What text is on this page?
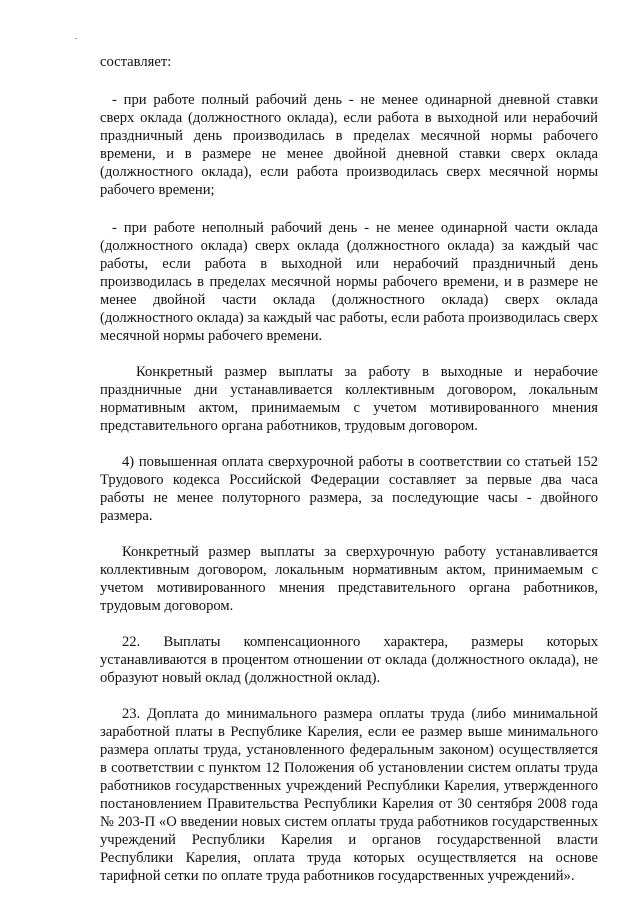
составляет:

- при работе полный рабочий день - не менее одинарной дневной ставки сверх оклада (должностного оклада), если работа в выходной или нерабочий праздничный день производилась в пределах месячной нормы рабочего времени, и в размере не менее двойной дневной ставки сверх оклада (должностного оклада), если работа производилась сверх месячной нормы рабочего времени;

- при работе неполный рабочий день - не менее одинарной части оклада (должностного оклада) сверх оклада (должностного оклада) за каждый час работы, если работа в выходной или нерабочий праздничный день производилась в пределах месячной нормы рабочего времени, и в размере не менее двойной части оклада (должностного оклада) сверх оклада (должностного оклада) за каждый час работы, если работа производилась сверх месячной нормы рабочего времени.

Конкретный размер выплаты за работу в выходные и нерабочие праздничные дни устанавливается коллективным договором, локальным нормативным актом, принимаемым с учетом мотивированного мнения представительного органа работников, трудовым договором.

4) повышенная оплата сверхурочной работы в соответствии со статьей 152 Трудового кодекса Российской Федерации составляет за первые два часа работы не менее полуторного размера, за последующие часы - двойного размера.

Конкретный размер выплаты за сверхурочную работу устанавливается коллективным договором, локальным нормативным актом, принимаемым с учетом мотивированного мнения представительного органа работников, трудовым договором.

22. Выплаты компенсационного характера, размеры которых устанавливаются в процентом отношении от оклада (должностного оклада), не образуют новый оклад (должностной оклад).

23. Доплата до минимального размера оплаты труда (либо минимальной заработной платы в Республике Карелия, если ее размер выше минимального размера оплаты труда, установленного федеральным законом) осуществляется в соответствии с пунктом 12 Положения об установлении систем оплаты труда работников государственных учреждений Республики Карелия, утвержденного постановлением Правительства Республики Карелия от 30 сентября 2008 года № 203-П «О введении новых систем оплаты труда работников государственных учреждений Республики Карелия и органов государственной власти Республики Карелия, оплата труда которых осуществляется на основе тарифной сетки по оплате труда работников государственных учреждений».
